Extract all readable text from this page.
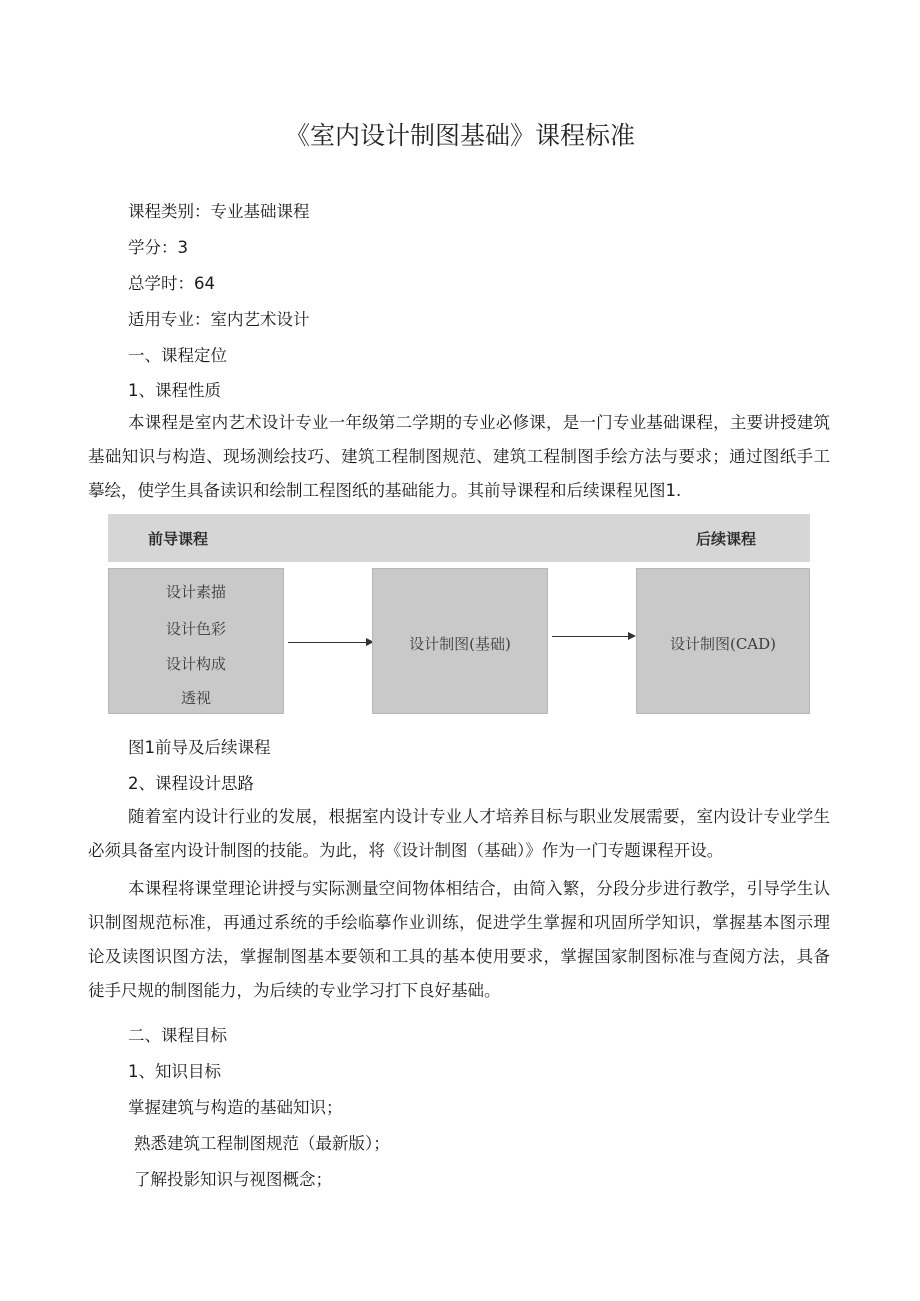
《室内设计制图基础》课程标准
课程类别：专业基础课程
学分：3
总学时：64
适用专业：室内艺术设计
一、课程定位
1、课程性质
本课程是室内艺术设计专业一年级第二学期的专业必修课，是一门专业基础课程，主要讲授建筑基础知识与构造、现场测绘技巧、建筑工程制图规范、建筑工程制图手绘方法与要求；通过图纸手工摹绘，使学生具备读识和绘制工程图纸的基础能力。其前导课程和后续课程见图1.
前导课程	后续课程
设计素描
设计色彩
设计构成
透视
设计制图(基础)	设计制图(CAD)
图1前导及后续课程
2、课程设计思路
随着室内设计行业的发展，根据室内设计专业人才培养目标与职业发展需要，室内设计专业学生必须具备室内设计制图的技能。为此，将《设计制图（基础）》作为一门专题课程开设。
本课程将课堂理论讲授与实际测量空间物体相结合，由简入繁，分段分步进行教学，引导学生认识制图规范标准，再通过系统的手绘临摹作业训练，促进学生掌握和巩固所学知识，掌握基本图示理论及读图识图方法，掌握制图基本要领和工具的基本使用要求，掌握国家制图标准与查阅方法，具备徒手尺规的制图能力，为后续的专业学习打下良好基础。
二、课程目标
1、知识目标
掌握建筑与构造的基础知识；
熟悉建筑工程制图规范（最新版）；
了解投影知识与视图概念；
